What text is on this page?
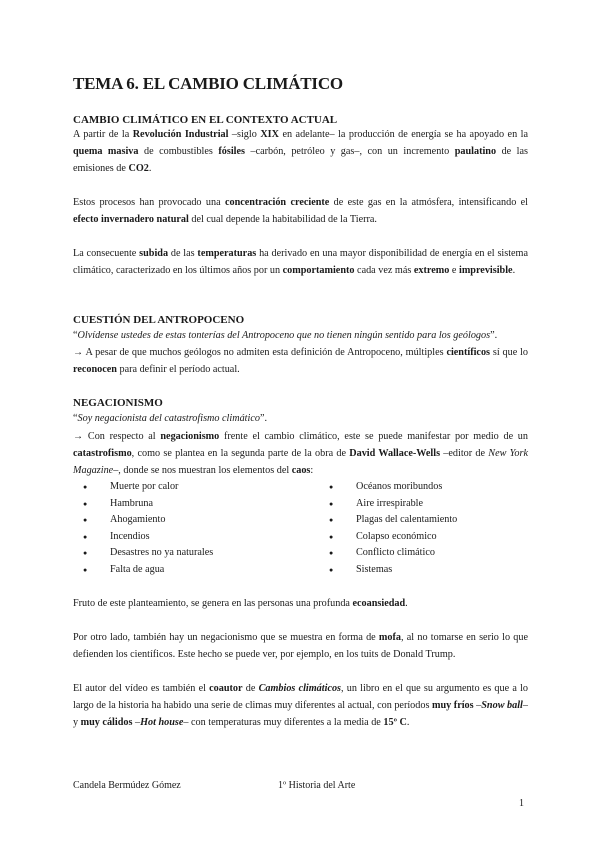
TEMA 6. EL CAMBIO CLIMÁTICO
CAMBIO CLIMÁTICO EN EL CONTEXTO ACTUAL

A partir de la Revolución Industrial –siglo XIX en adelante– la producción de energía se ha apoyado en la quema masiva de combustibles fósiles –carbón, petróleo y gas–, con un incremento paulatino de las emisiones de CO2.

Estos procesos han provocado una concentración creciente de este gas en la atmósfera, intensificando el efecto invernadero natural del cual depende la habitabilidad de la Tierra.

La consecuente subida de las temperaturas ha derivado en una mayor disponibilidad de energía en el sistema climático, caracterizado en los últimos años por un comportamiento cada vez más extremo e imprevisible.

CUESTIÓN DEL ANTROPOCENO

“Olvídense ustedes de estas tonterías del Antropoceno que no tienen ningún sentido para los geólogos”.

→ A pesar de que muchos geólogos no admiten esta definición de Antropoceno, múltiples científicos sí que lo reconocen para definir el período actual.

NEGACIONISMO

“Soy negacionista del catastrofismo climático”.

→ Con respecto al negacionismo frente el cambio climático, este se puede manifestar por medio de un catastrofismo, como se plantea en la segunda parte de la obra de David Wallace-Wells –editor de New York Magazine–, donde se nos muestran los elementos del caos:

● Muerte por calor
● Hambruna
● Ahogamiento
● Incendios
● Desastres no ya naturales
● Falta de agua
● Océanos moribundos
● Aire irrespirable
● Plagas del calentamiento
● Colapso económico
● Conflicto climático
● Sistemas

Fruto de este planteamiento, se genera en las personas una profunda ecoansiedad.

Por otro lado, también hay un negacionismo que se muestra en forma de mofa, al no tomarse en serio lo que defienden los científicos. Este hecho se puede ver, por ejemplo, en los tuits de Donald Trump.

El autor del vídeo es también el coautor de Cambios climáticos, un libro en el que su argumento es que a lo largo de la historia ha habido una serie de climas muy diferentes al actual, con períodos muy fríos –Snow ball– y muy cálidos –Hot house– con temperaturas muy diferentes a la media de 15º C.

Candela Bermúdez Gómez	1º Historia del Arte

1
